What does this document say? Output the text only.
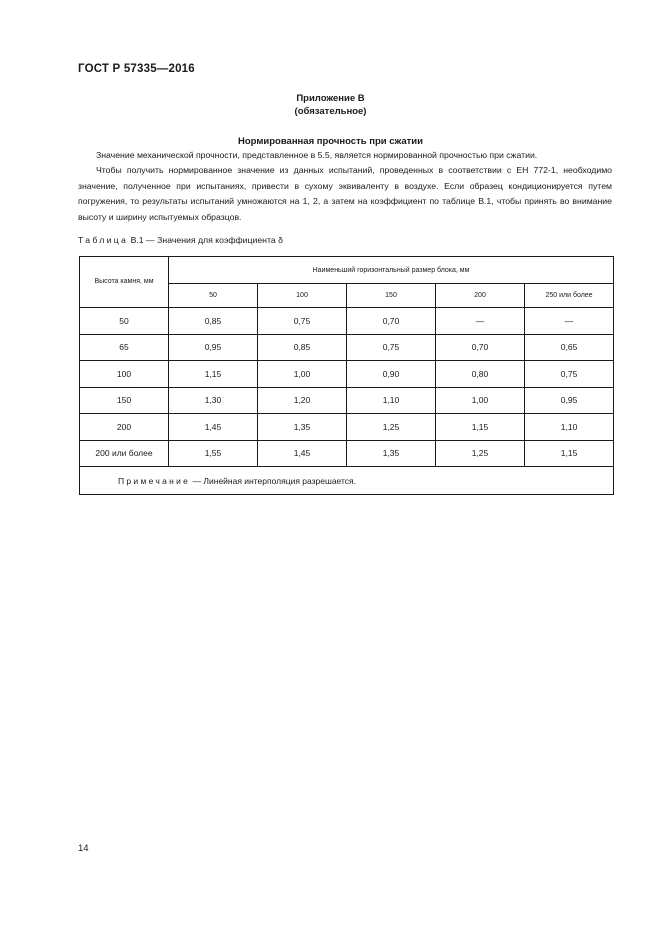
ГОСТ Р 57335—2016
Приложение В
(обязательное)
Нормированная прочность при сжатии

Значение механической прочности, представленное в 5.5, является нормированной прочностью при сжатии.

Чтобы получить нормированное значение из данных испытаний, проведенных в соответствии с ЕН 772-1, необходимо значение, полученное при испытаниях, привести в сухому эквиваленту в воздухе. Если образец кондиционируется путем погружения, то результаты испытаний умножаются на 1, 2, а затем на коэффициент по таблице В.1, чтобы принять во внимание высоту и ширину испытуемых образцов.

Таблица В.1 — Значения для коэффициента δ
Высота камня, мм	Наименьший горизонтальный размер блока, мм				
	50	100	150	200	250 или более
50	0,85	0,75	0,70	—	—
65	0,95	0,85	0,75	0,70	0,65
100	1,15	1,00	0,90	0,80	0,75
150	1,30	1,20	1,10	1,00	0,95
200	1,45	1,35	1,25	1,15	1,10
200 или более	1,55	1,45	1,35	1,25	1,15
Примечание — Линейная интерполяция разрешается.					
14
